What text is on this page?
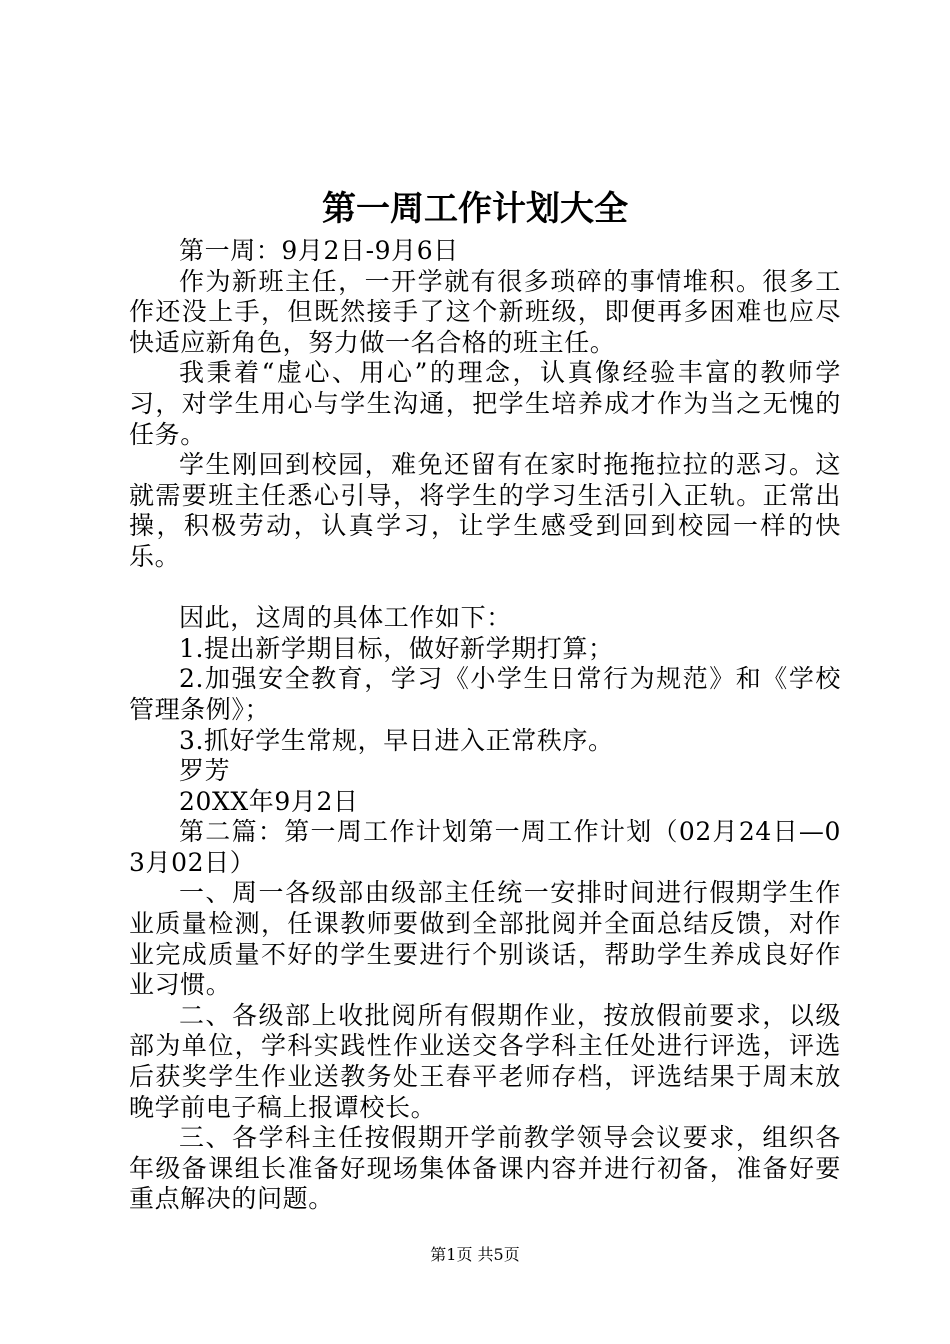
第一周工作计划大全

第一周：9月2日-9月6日

作为新班主任，一开学就有很多琐碎的事情堆积。很多工作还没上手，但既然接手了这个新班级，即便再多困难也应尽快适应新角色，努力做一名合格的班主任。

我秉着“虚心、用心”的理念，认真像经验丰富的教师学习，对学生用心与学生沟通，把学生培养成才作为当之无愧的任务。

学生刚回到校园，难免还留有在家时拖拖拉拉的恶习。这就需要班主任悉心引导，将学生的学习生活引入正轨。正常出操，积极劳动，认真学习，让学生感受到回到校园一样的快乐。

因此，这周的具体工作如下：

1.提出新学期目标，做好新学期打算；

2.加强安全教育，学习《小学生日常行为规范》和《学校管理条例》；

3.抓好学生常规，早日进入正常秩序。

罗芳

20XX年9月2日

第二篇：第一周工作计划第一周工作计划（02月24日—03月02日）

一、周一各级部由级部主任统一安排时间进行假期学生作业质量检测，任课教师要做到全部批阅并全面总结反馈，对作业完成质量不好的学生要进行个别谈话，帮助学生养成良好作业习惯。

二、各级部上收批阅所有假期作业，按放假前要求，以级部为单位，学科实践性作业送交各学科主任处进行评选，评选后获奖学生作业送教务处王春平老师存档，评选结果于周末放晚学前电子稿上报谭校长。

三、各学科主任按假期开学前教学领导会议要求，组织各年级备课组长准备好现场集体备课内容并进行初备，准备好要重点解决的问题。

第1页 共5页
